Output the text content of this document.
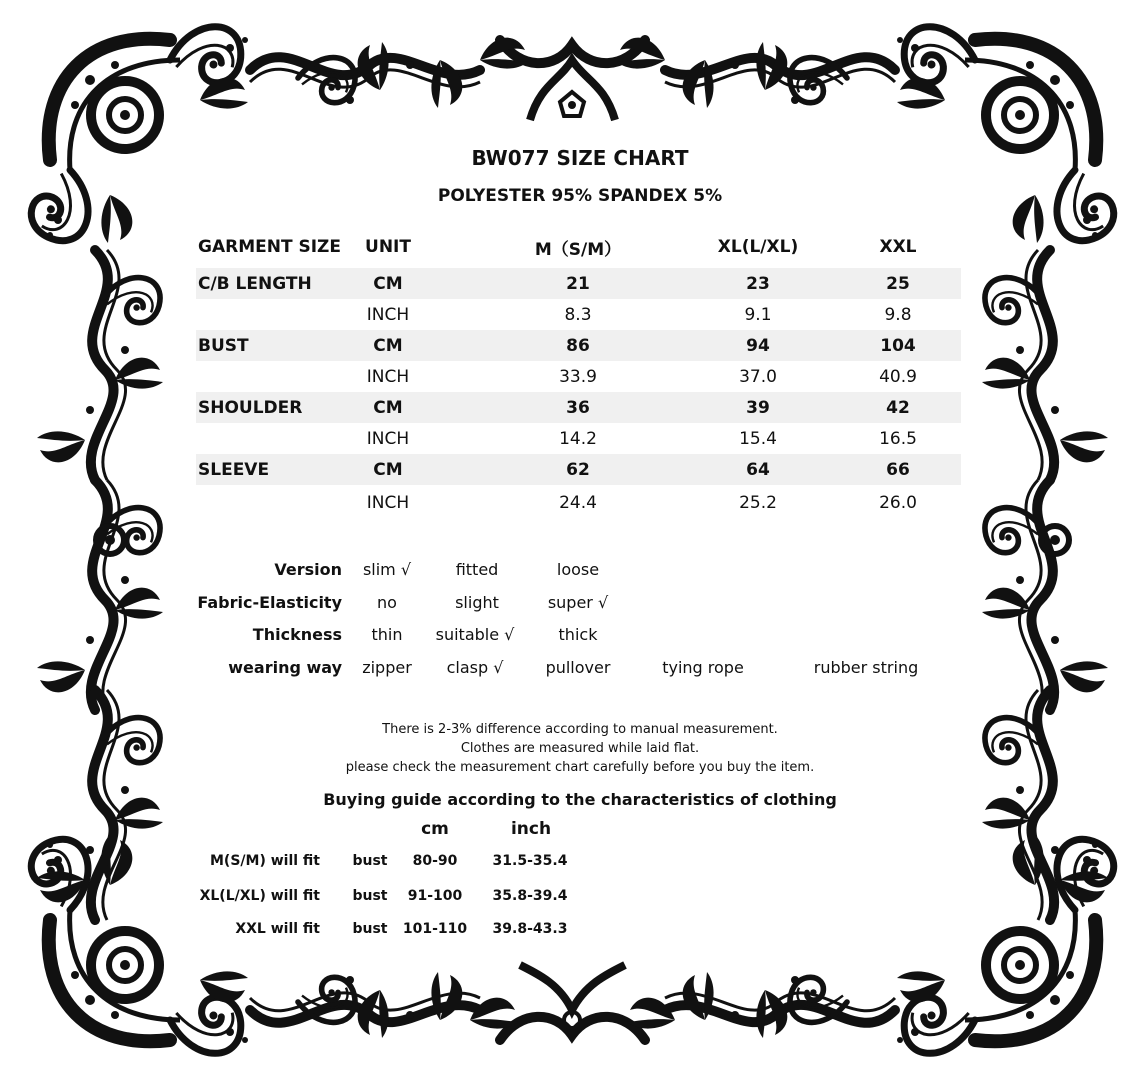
BW077 SIZE CHART
POLYESTER 95% SPANDEX 5%
GARMENT SIZE	UNIT	M（S/M）	XL(L/XL)	XXL
C/B LENGTH	CM	21	23	25
INCH	8.3	9.1	9.8
BUST	CM	86	94	104
INCH	33.9	37.0	40.9
SHOULDER	CM	36	39	42
INCH	14.2	15.4	16.5
SLEEVE	CM	62	64	66
INCH	24.4	25.2	26.0
Version	slim √	fitted	loose
Fabric-Elasticity	no	slight	super √
Thickness	thin	suitable √	thick
wearing way	zipper	clasp √	pullover	tying rope	rubber string
There is 2-3% difference according to manual measurement.
Clothes are measured while laid flat.
please check the measurement chart carefully before you buy the item.
Buying guide according to the characteristics of clothing
cm	inch
M(S/M) will fit	bust	80-90	31.5-35.4
XL(L/XL) will fit	bust	91-100	35.8-39.4
XXL will fit	bust	101-110	39.8-43.3
